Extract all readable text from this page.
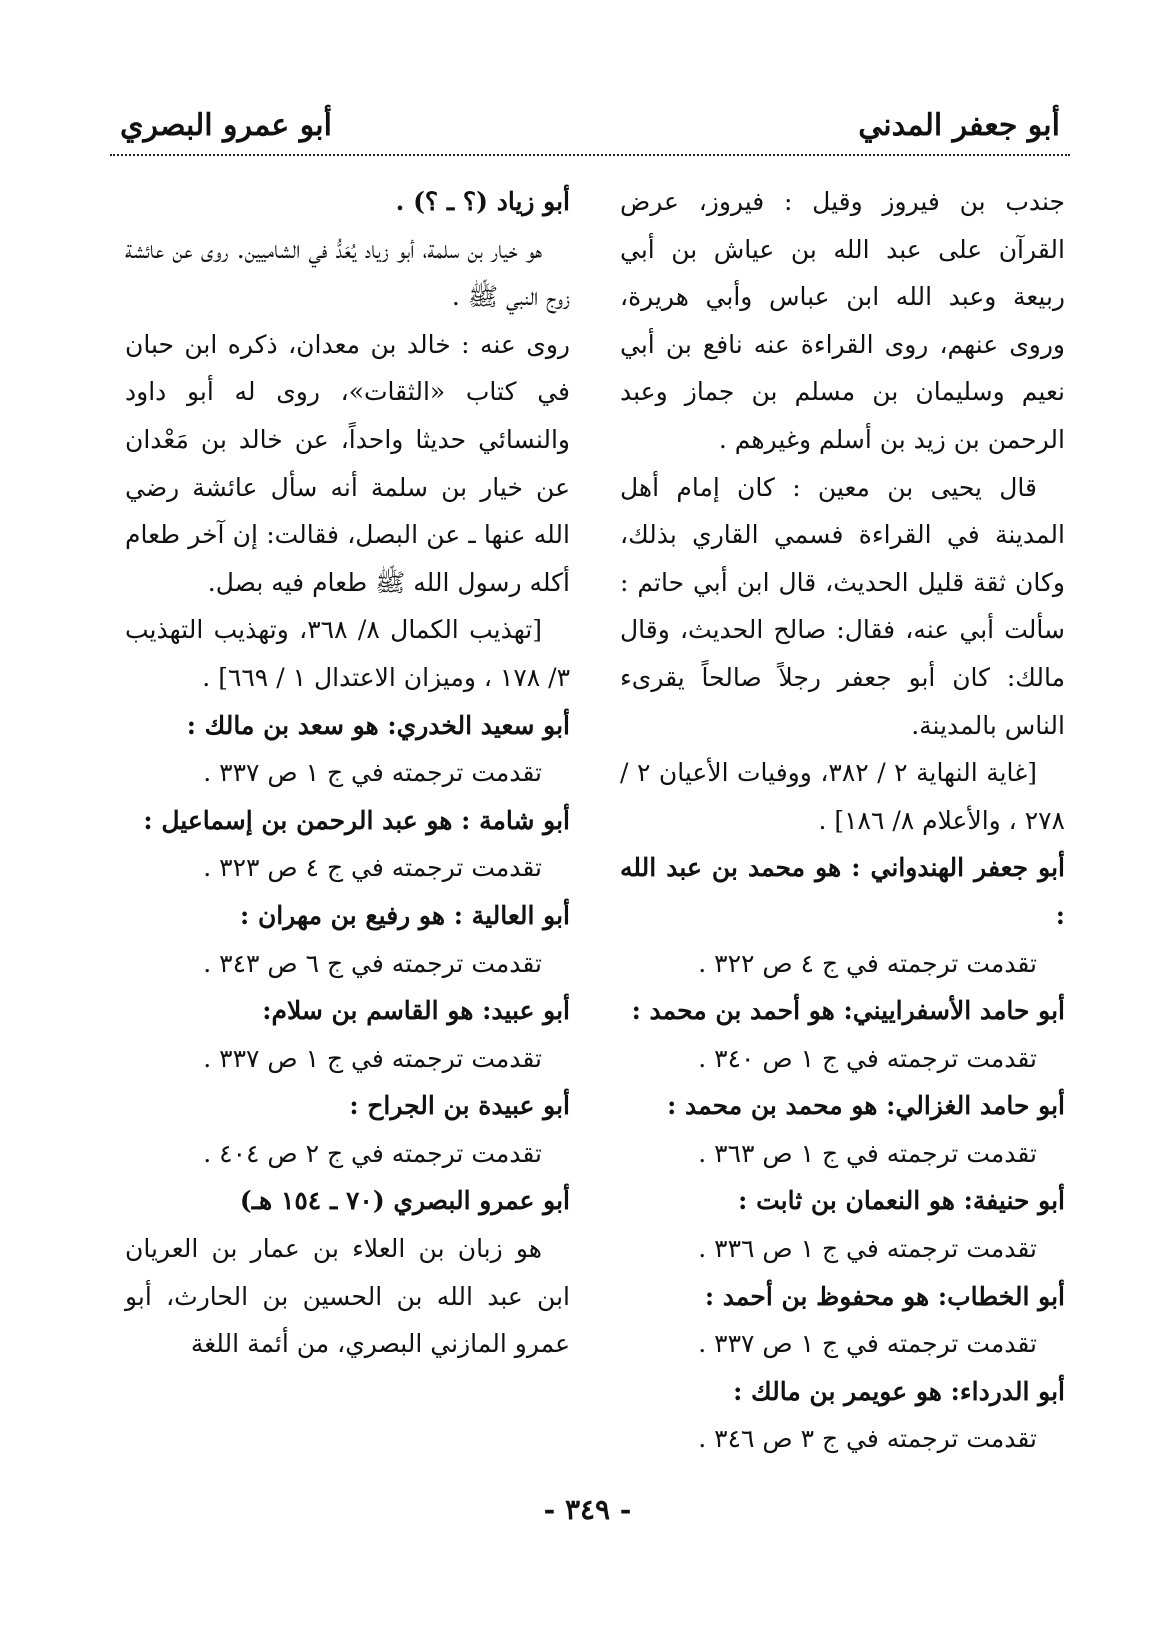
أبو جعفر المدني
أبو عمرو البصري

جندب بن فيروز وقيل : فيروز، عرض القرآن على عبد الله بن عياش بن أبي ربيعة وعبد الله ابن عباس وأبي هريرة، وروى عنهم، روى القراءة عنه نافع بن أبي نعيم وسليمان بن مسلم بن جماز وعبد الرحمن بن زيد بن أسلم وغيرهم .

قال يحيى بن معين : كان إمام أهل المدينة في القراءة فسمي القاري بذلك، وكان ثقة قليل الحديث، قال ابن أبي حاتم : سألت أبي عنه، فقال: صالح الحديث، وقال مالك: كان أبو جعفر رجلاً صالحاً يقرىء الناس بالمدينة.

[غاية النهاية ٢ / ٣٨٢، ووفيات الأعيان ٢ / ٢٧٨ ، والأعلام ٨/ ١٨٦] .

أبو جعفر الهندواني : هو محمد بن عبد الله :

تقدمت ترجمته في ج ٤ ص ٣٢٢ .

أبو حامد الأسفراييني: هو أحمد بن محمد :

تقدمت ترجمته في ج ١ ص ٣٤٠ .

أبو حامد الغزالي: هو محمد بن محمد :

تقدمت ترجمته في ج ١ ص ٣٦٣ .

أبو حنيفة: هو النعمان بن ثابت :

تقدمت ترجمته في ج ١ ص ٣٣٦ .

أبو الخطاب: هو محفوظ بن أحمد :

تقدمت ترجمته في ج ١ ص ٣٣٧ .

أبو الدرداء: هو عويمر بن مالك :

تقدمت ترجمته في ج ٣ ص ٣٤٦ .

أبو زياد (؟ ـ ؟) .

هو خيار بن سلمة، أبو زياد يُعَدُّ في الشاميين. روى عن عائشة زوج النبي ﷺ .

روى عنه : خالد بن معدان، ذكره ابن حبان في كتاب «الثقات»، روى له أبو داود والنسائي حديثا واحداً، عن خالد بن مَعْدان عن خيار بن سلمة أنه سأل عائشة رضي الله عنها ـ عن البصل، فقالت: إن آخر طعام أكله رسول الله ﷺ طعام فيه بصل.

[تهذيب الكمال ٨/ ٣٦٨، وتهذيب التهذيب ٣/ ١٧٨ ، وميزان الاعتدال ١ / ٦٦٩] .

أبو سعيد الخدري: هو سعد بن مالك :

تقدمت ترجمته في ج ١ ص ٣٣٧ .

أبو شامة : هو عبد الرحمن بن إسماعيل :

تقدمت ترجمته في ج ٤ ص ٣٢٣ .

أبو العالية : هو رفيع بن مهران :

تقدمت ترجمته في ج ٦ ص ٣٤٣ .

أبو عبيد: هو القاسم بن سلام:

تقدمت ترجمته في ج ١ ص ٣٣٧ .

أبو عبيدة بن الجراح :

تقدمت ترجمته في ج ٢ ص ٤٠٤ .

أبو عمرو البصري (٧٠ ـ ١٥٤ هـ)

هو زبان بن العلاء بن عمار بن العريان ابن عبد الله بن الحسين بن الحارث، أبو عمرو المازني البصري، من أئمة اللغة

- ٣٤٩ -
